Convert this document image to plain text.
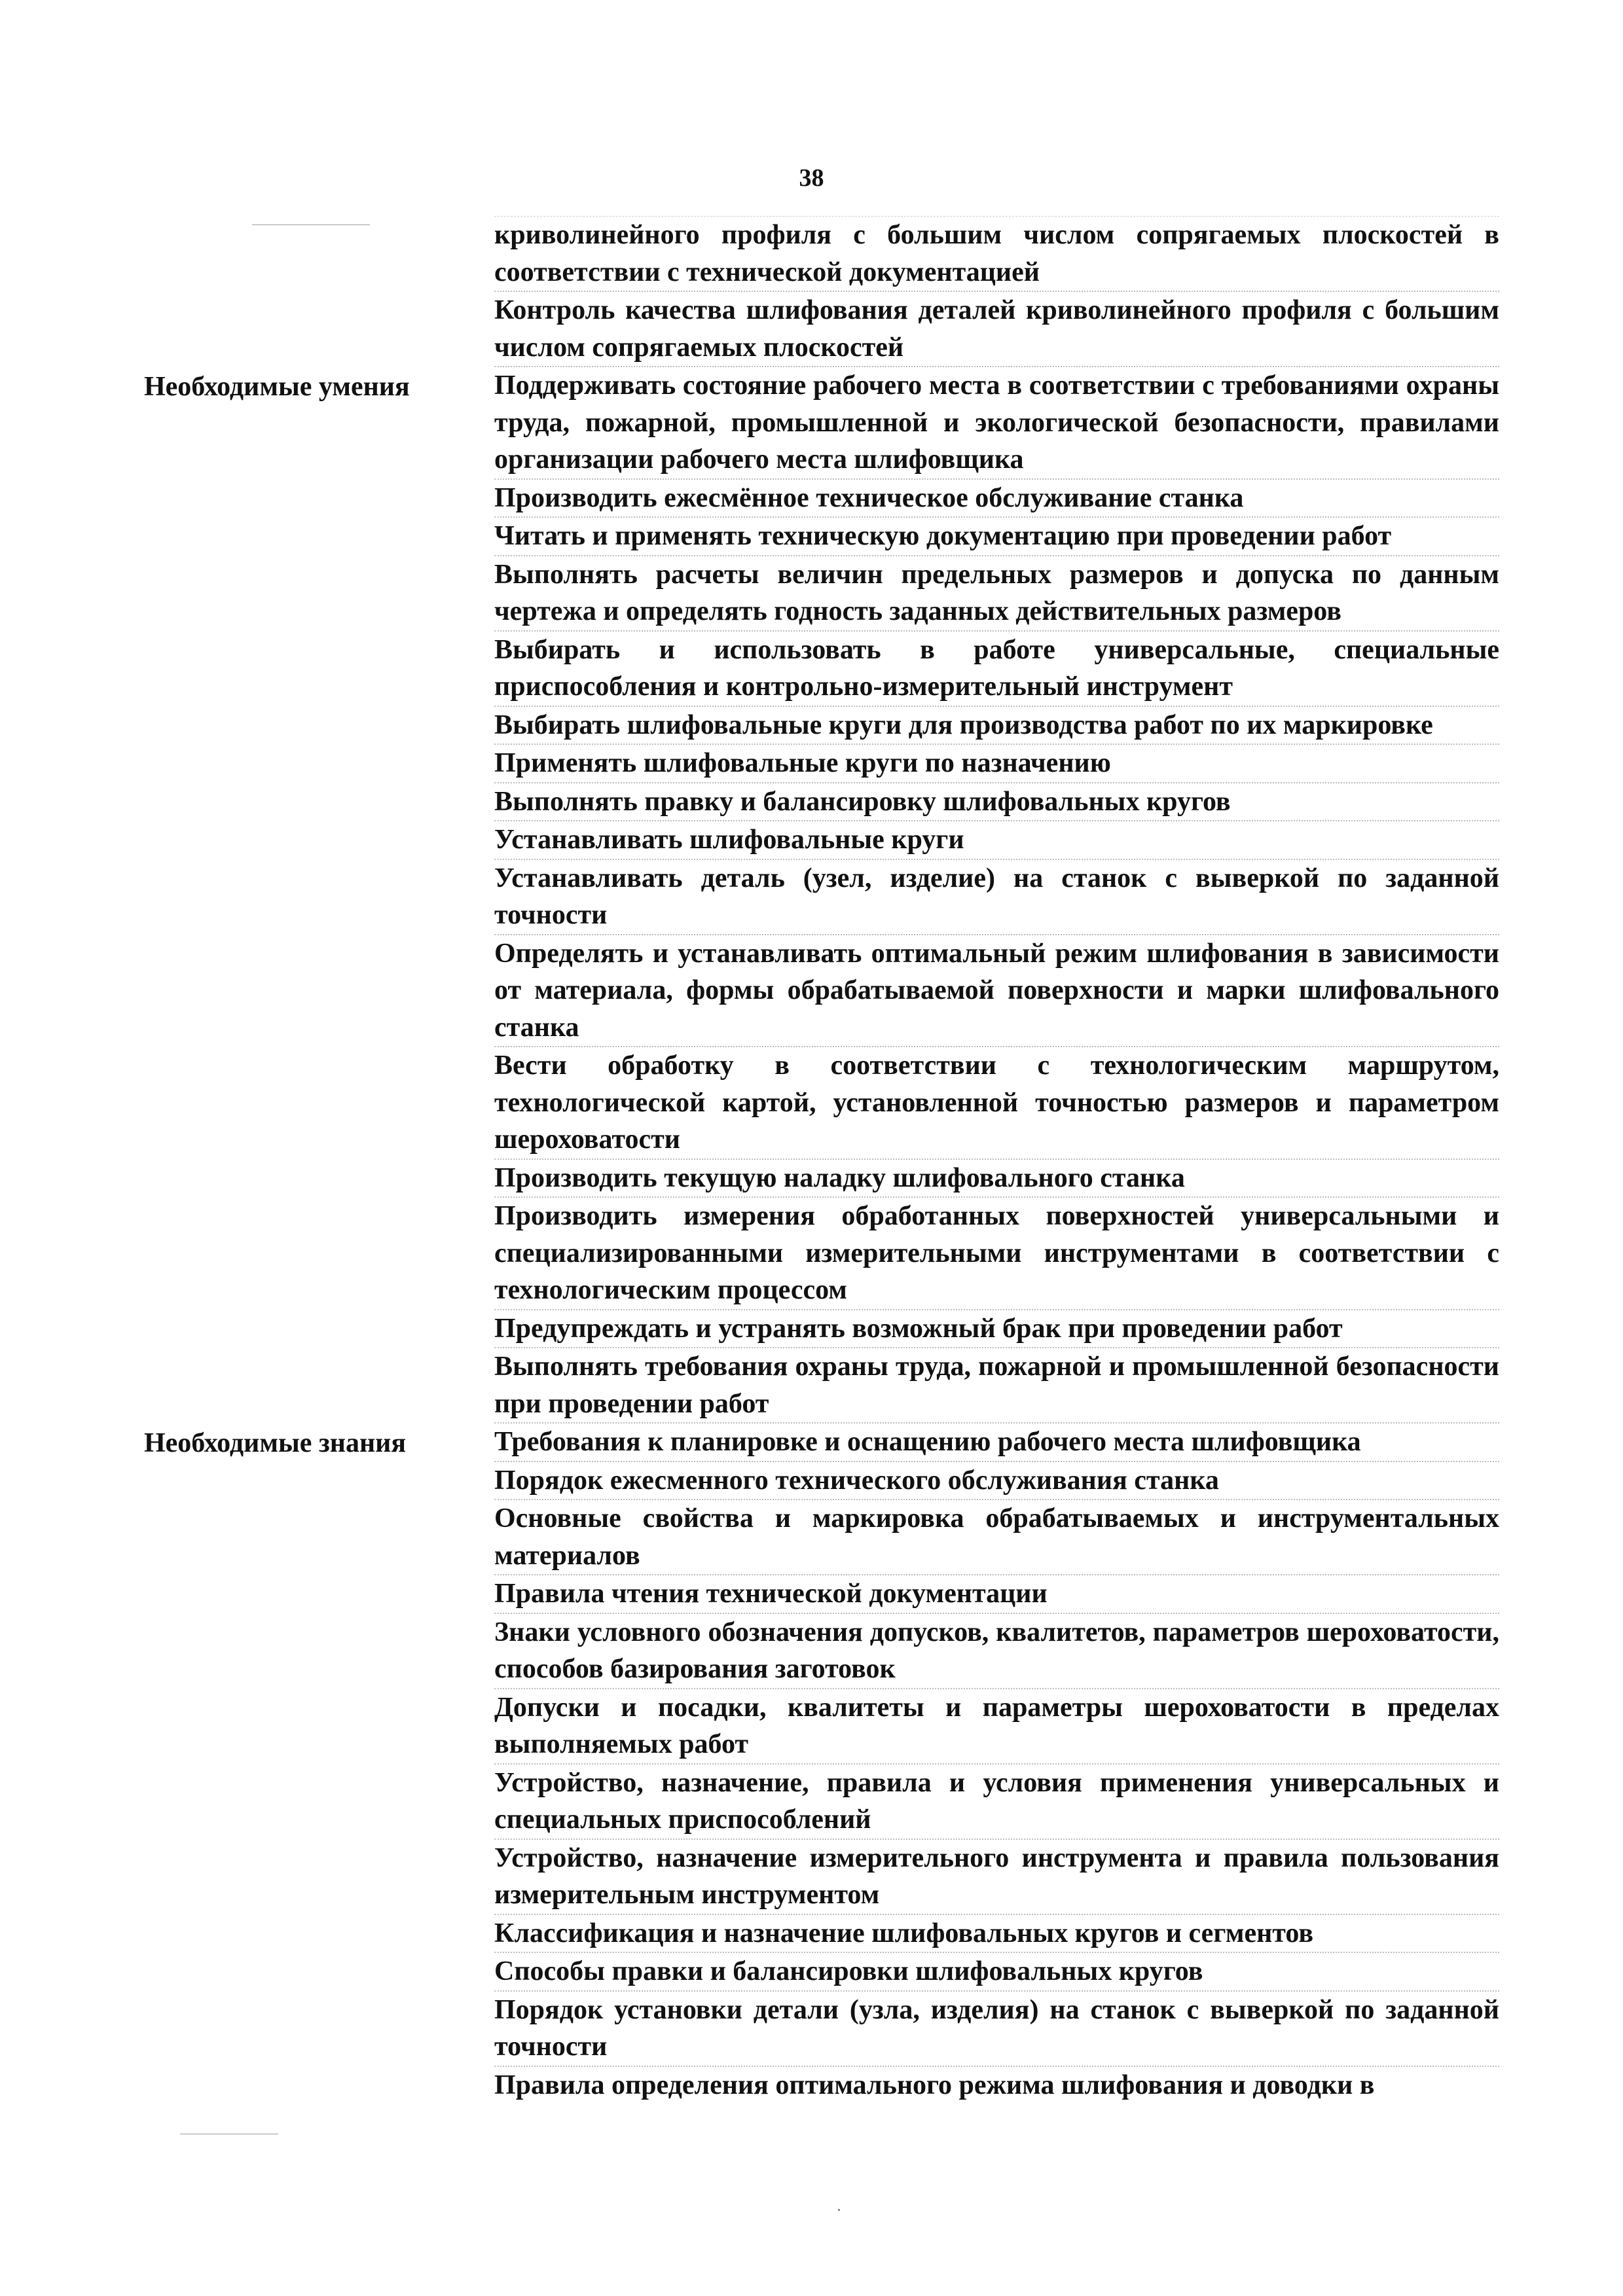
38

криволинейного профиля с большим числом сопрягаемых плоскостей в соответствии с технической документацией

Контроль качества шлифования деталей криволинейного профиля с большим числом сопрягаемых плоскостей

Необходимые умения	Поддерживать состояние рабочего места в соответствии с требованиями охраны труда, пожарной, промышленной и экологической безопасности, правилами организации рабочего места шлифовщика

Производить ежесмённое техническое обслуживание станка

Читать и применять техническую документацию при проведении работ

Выполнять расчеты величин предельных размеров и допуска по данным чертежа и определять годность заданных действительных размеров

Выбирать и использовать в работе универсальные, специальные приспособления и контрольно-измерительный инструмент

Выбирать шлифовальные круги для производства работ по их маркировке

Применять шлифовальные круги по назначению

Выполнять правку и балансировку шлифовальных кругов

Устанавливать шлифовальные круги

Устанавливать деталь (узел, изделие) на станок с выверкой по заданной точности

Определять и устанавливать оптимальный режим шлифования в зависимости от материала, формы обрабатываемой поверхности и марки шлифовального станка

Вести обработку в соответствии с технологическим маршрутом, технологической картой, установленной точностью размеров и параметром шероховатости

Производить текущую наладку шлифовального станка

Производить измерения обработанных поверхностей универсальными и специализированными измерительными инструментами в соответствии с технологическим процессом

Предупреждать и устранять возможный брак при проведении работ

Выполнять требования охраны труда, пожарной и промышленной безопасности при проведении работ

Необходимые знания	Требования к планировке и оснащению рабочего места шлифовщика

Порядок ежесменного технического обслуживания станка

Основные свойства и маркировка обрабатываемых и инструментальных материалов

Правила чтения технической документации

Знаки условного обозначения допусков, квалитетов, параметров шероховатости, способов базирования заготовок

Допуски и посадки, квалитеты и параметры шероховатости в пределах выполняемых работ

Устройство, назначение, правила и условия применения универсальных и специальных приспособлений

Устройство, назначение измерительного инструмента и правила пользования измерительным инструментом

Классификация и назначение шлифовальных кругов и сегментов

Способы правки и балансировки шлифовальных кругов

Порядок установки детали (узла, изделия) на станок с выверкой по заданной точности

Правила определения оптимального режима шлифования и доводки в
